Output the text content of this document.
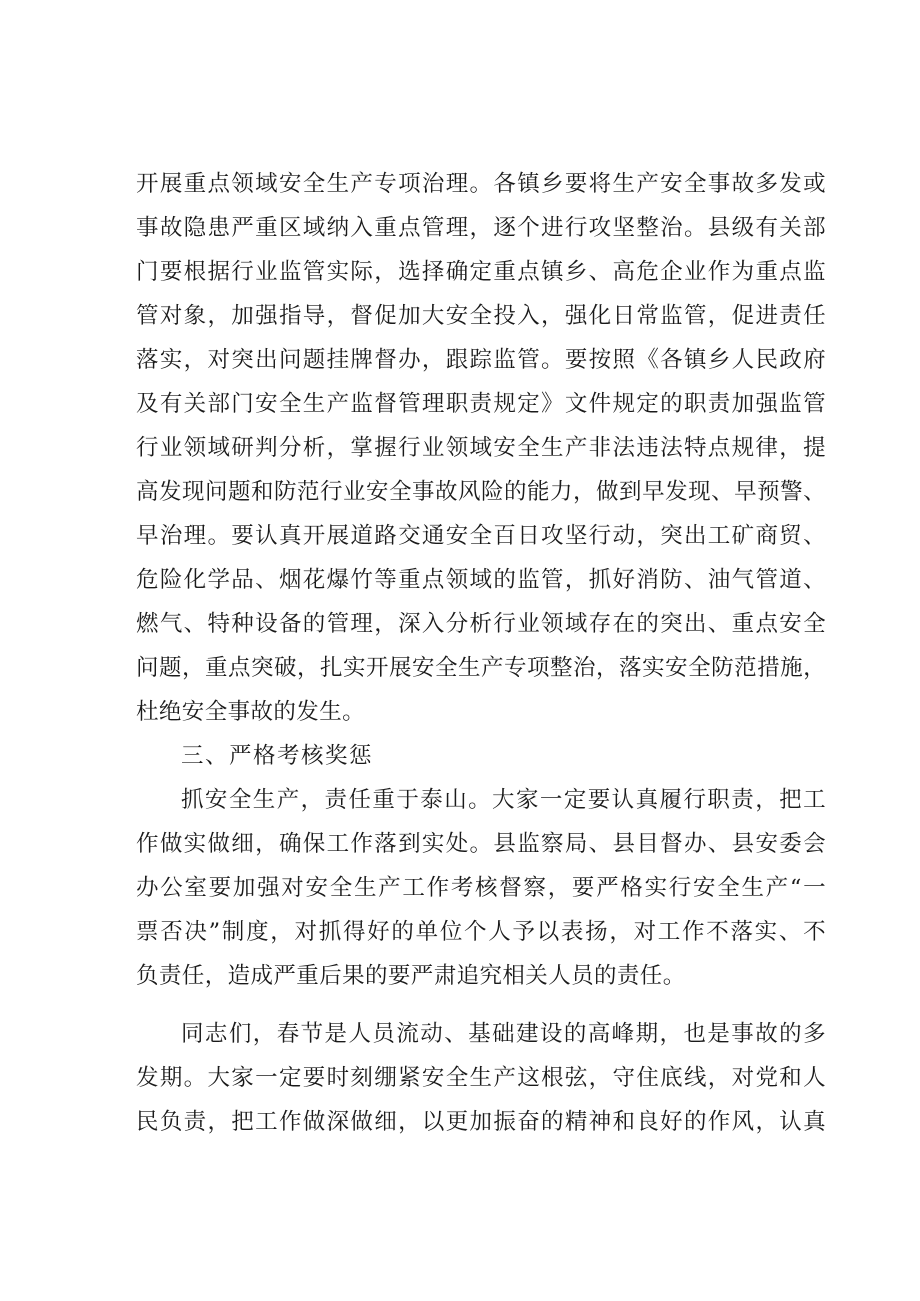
开展重点领域安全生产专项治理。各镇乡要将生产安全事故多发或
事故隐患严重区域纳入重点管理，逐个进行攻坚整治。县级有关部
门要根据行业监管实际，选择确定重点镇乡、高危企业作为重点监
管对象，加强指导，督促加大安全投入，强化日常监管，促进责任
落实，对突出问题挂牌督办，跟踪监管。要按照《各镇乡人民政府
及有关部门安全生产监督管理职责规定》文件规定的职责加强监管
行业领域研判分析，掌握行业领域安全生产非法违法特点规律，提
高发现问题和防范行业安全事故风险的能力，做到早发现、早预警、
早治理。要认真开展道路交通安全百日攻坚行动，突出工矿商贸、
危险化学品、烟花爆竹等重点领域的监管，抓好消防、油气管道、
燃气、特种设备的管理，深入分析行业领域存在的突出、重点安全
问题，重点突破，扎实开展安全生产专项整治，落实安全防范措施，
杜绝安全事故的发生。
三、严格考核奖惩
抓安全生产，责任重于泰山。大家一定要认真履行职责，把工
作做实做细，确保工作落到实处。县监察局、县目督办、县安委会
办公室要加强对安全生产工作考核督察，要严格实行安全生产“一
票否决”制度，对抓得好的单位个人予以表扬，对工作不落实、不
负责任，造成严重后果的要严肃追究相关人员的责任。
同志们，春节是人员流动、基础建设的高峰期，也是事故的多
发期。大家一定要时刻绷紧安全生产这根弦，守住底线，对党和人
民负责，把工作做深做细，以更加振奋的精神和良好的作风，认真
